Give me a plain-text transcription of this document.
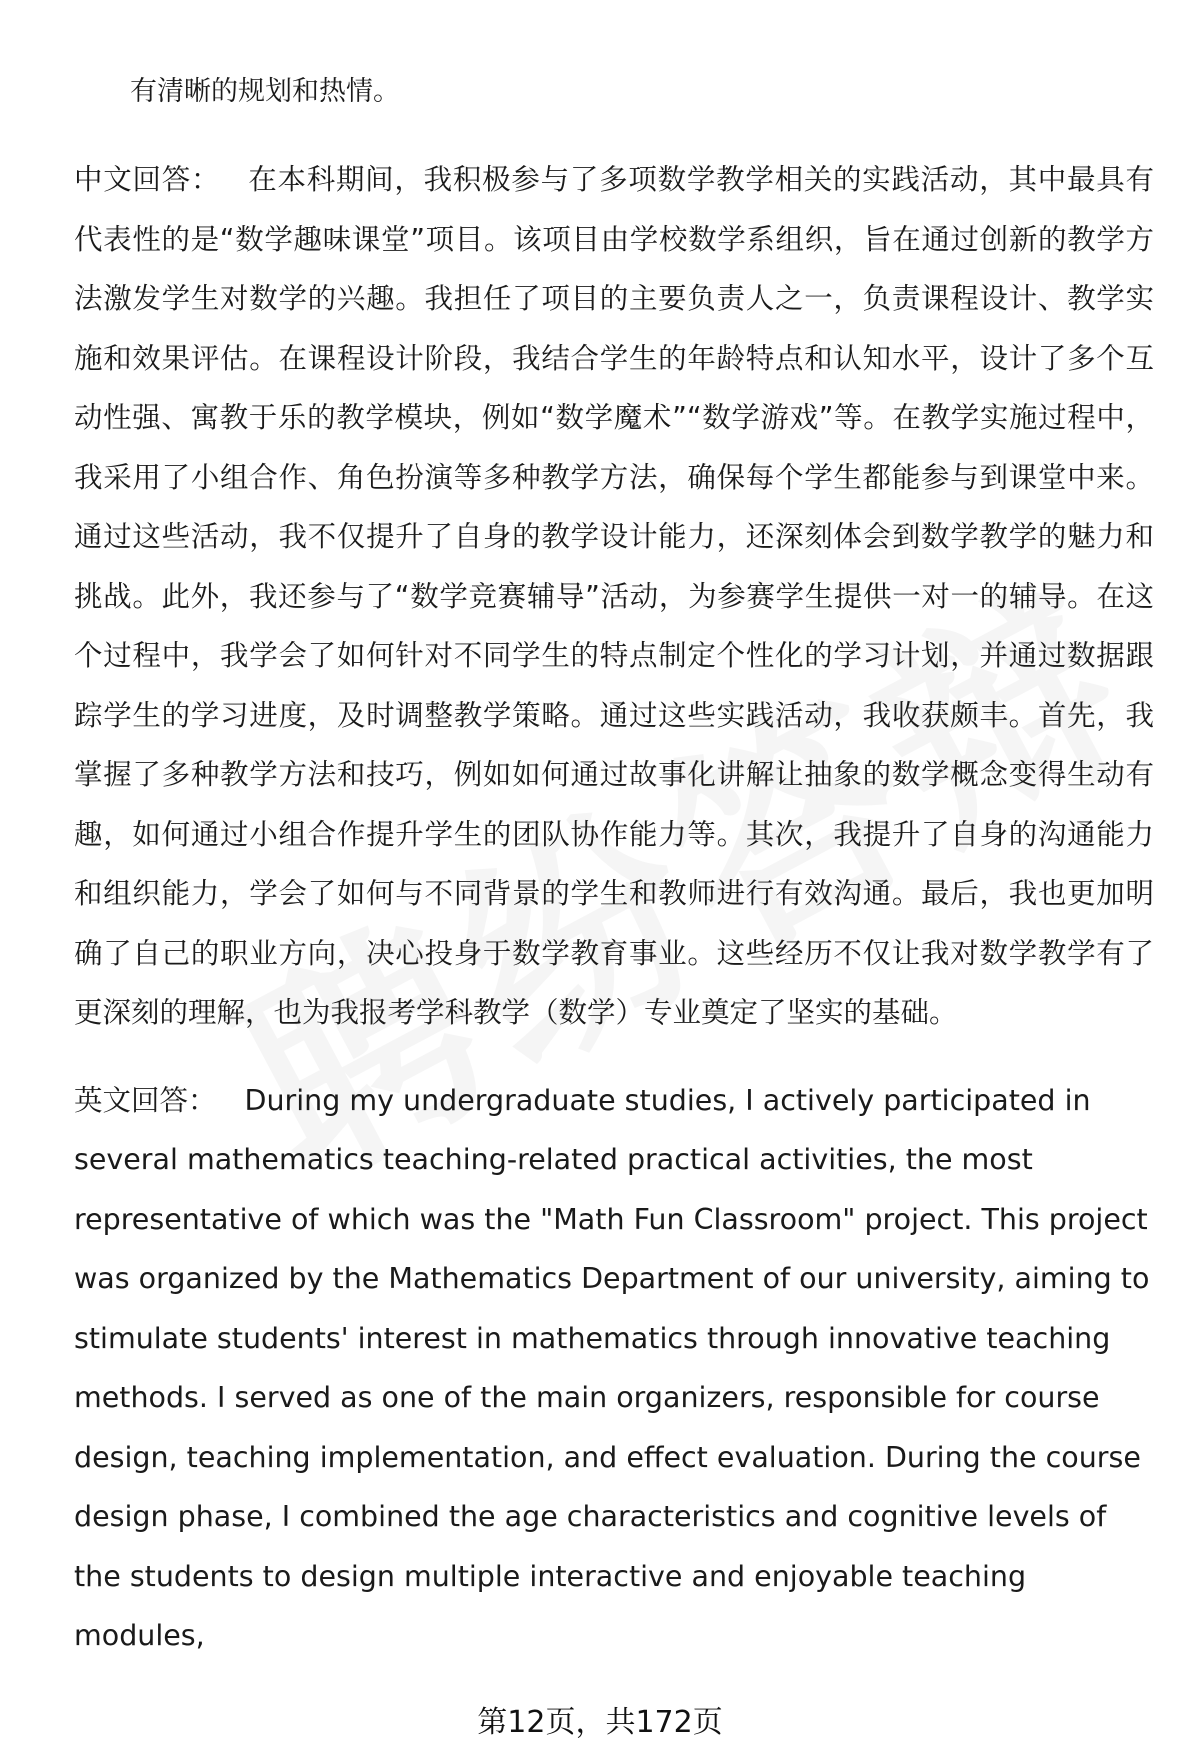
有清晰的规划和热情。

中文回答： 在本科期间，我积极参与了多项数学教学相关的实践活动，其中最具有代表性的是“数学趣味课堂”项目。该项目由学校数学系组织，旨在通过创新的教学方法激发学生对数学的兴趣。我担任了项目的主要负责人之一，负责课程设计、教学实施和效果评估。在课程设计阶段，我结合学生的年龄特点和认知水平，设计了多个互动性强、寓教于乐的教学模块，例如“数学魔术”“数学游戏”等。在教学实施过程中，我采用了小组合作、角色扮演等多种教学方法，确保每个学生都能参与到课堂中来。通过这些活动，我不仅提升了自身的教学设计能力，还深刻体会到数学教学的魅力和挑战。此外，我还参与了“数学竞赛辅导”活动，为参赛学生提供一对一的辅导。在这个过程中，我学会了如何针对不同学生的特点制定个性化的学习计划，并通过数据跟踪学生的学习进度，及时调整教学策略。通过这些实践活动，我收获颇丰。首先，我掌握了多种教学方法和技巧，例如如何通过故事化讲解让抽象的数学概念变得生动有趣，如何通过小组合作提升学生的团队协作能力等。其次，我提升了自身的沟通能力和组织能力，学会了如何与不同背景的学生和教师进行有效沟通。最后，我也更加明确了自己的职业方向，决心投身于数学教育事业。这些经历不仅让我对数学教学有了更深刻的理解，也为我报考学科教学（数学）专业奠定了坚实的基础。

英文回答： During my undergraduate studies, I actively participated in several mathematics teaching-related practical activities, the most representative of which was the "Math Fun Classroom" project. This project was organized by the Mathematics Department of our university, aiming to stimulate students' interest in mathematics through innovative teaching methods. I served as one of the main organizers, responsible for course design, teaching implementation, and effect evaluation. During the course design phase, I combined the age characteristics and cognitive levels of the students to design multiple interactive and enjoyable teaching modules,

第12页，共172页
